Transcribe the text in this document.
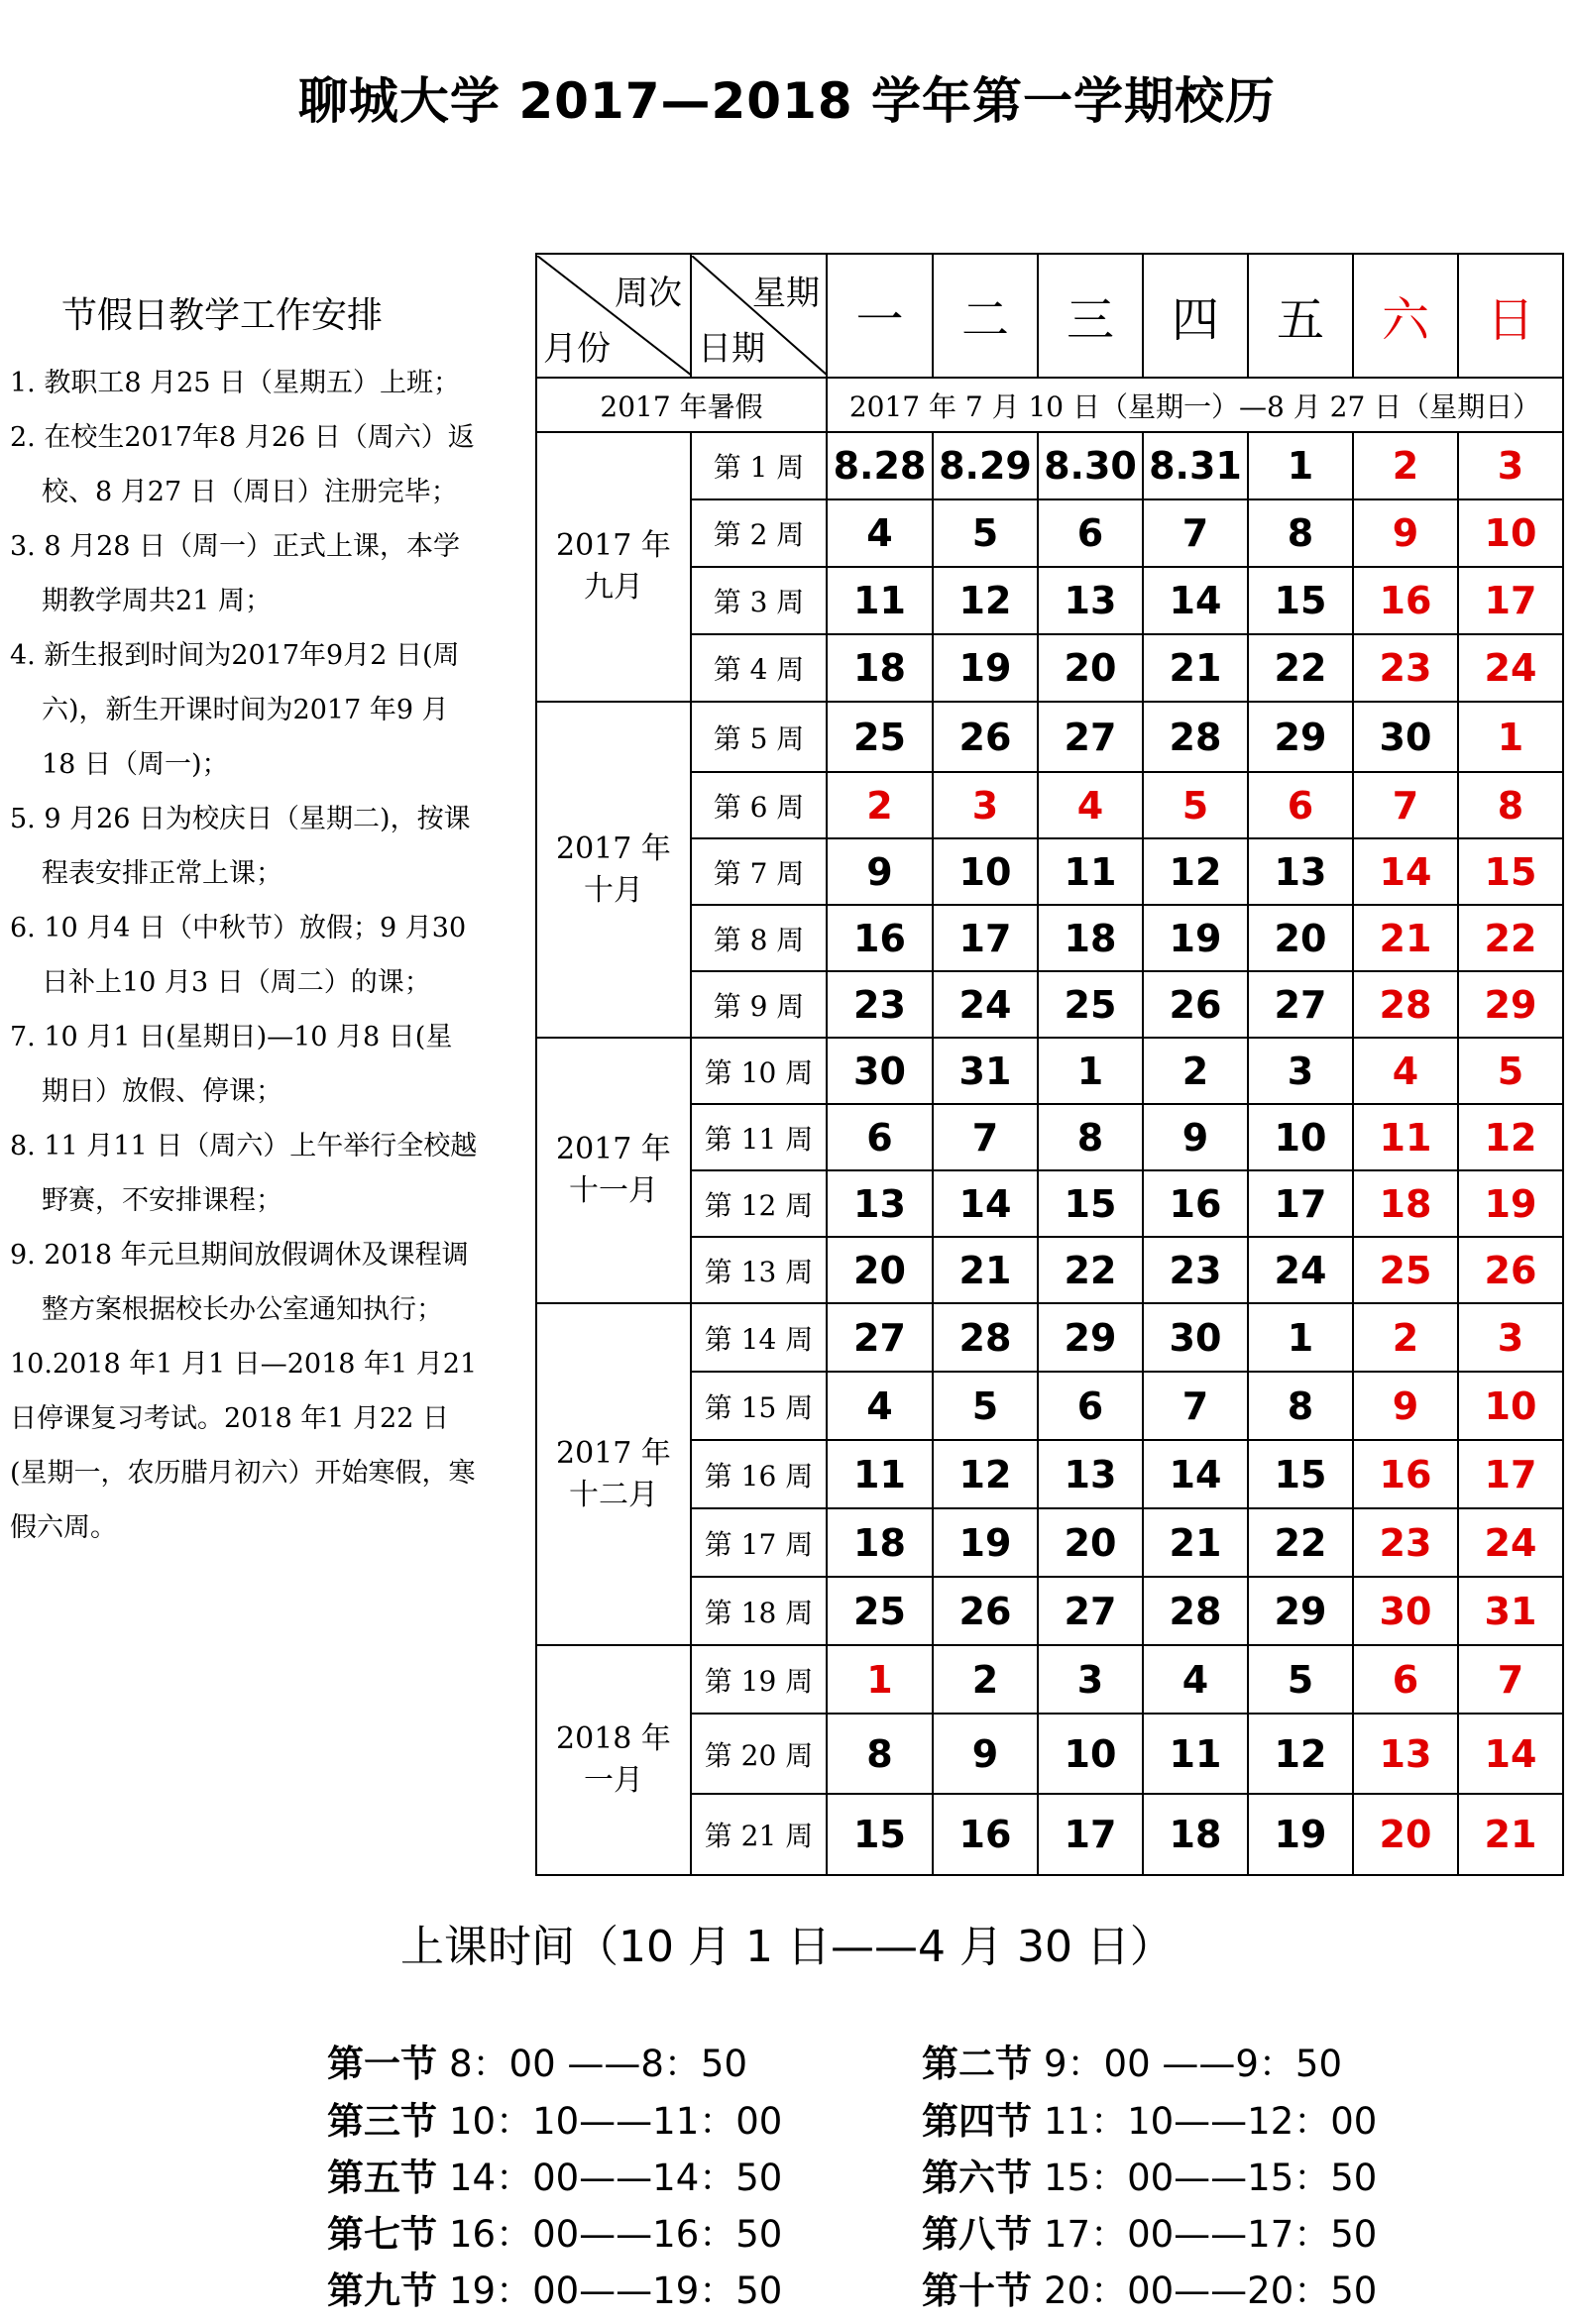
聊城大学 2017—2018 学年第一学期校历
节假日教学工作安排
1. 教职工8 月25 日（星期五）上班；
2. 在校生2017年8 月26 日（周六）返校、8 月27 日（周日）注册完毕；
3. 8 月28 日（周一）正式上课，本学期教学周共21 周；
4. 新生报到时间为2017年9月2 日(周六)，新生开课时间为2017 年9 月18 日（周一)；
5. 9 月26 日为校庆日（星期二)，按课程表安排正常上课；
6. 10 月4 日（中秋节）放假；9 月30 日补上10 月3 日（周二）的课；
7. 10 月1 日(星期日)—10 月8 日(星期日）放假、停课；
8. 11 月11 日（周六）上午举行全校越野赛，不安排课程；
9. 2018 年元旦期间放假调休及课程调整方案根据校长办公室通知执行；
10.2018 年1 月1 日—2018 年1 月21 日停课复习考试。2018 年1 月22 日(星期一，农历腊月初六）开始寒假，寒假六周。
周次
月份	星期
日期	一	二	三	四	五	六	日
2017 年暑假		2017 年 7 月 10 日（星期一）—8 月 27 日（星期日）						

2017 年
九月	第 1 周	8.28	8.29	8.30	8.31	1	2	3
	第 2 周	4	5	6	7	8	9	10
	第 3 周	11	12	13	14	15	16	17
	第 4 周	18	19	20	21	22	23	24

2017 年
十月	第 5 周	25	26	27	28	29	30	1
	第 6 周	2	3	4	5	6	7	8
	第 7 周	9	10	11	12	13	14	15
	第 8 周	16	17	18	19	20	21	22
	第 9 周	23	24	25	26	27	28	29

2017 年
十一月	第 10 周	30	31	1	2	3	4	5
	第 11 周	6	7	8	9	10	11	12
	第 12 周	13	14	15	16	17	18	19
	第 13 周	20	21	22	23	24	25	26

2017 年
十二月	第 14 周	27	28	29	30	1	2	3
	第 15 周	4	5	6	7	8	9	10
	第 16 周	11	12	13	14	15	16	17
	第 17 周	18	19	20	21	22	23	24
	第 18 周	25	26	27	28	29	30	31

2018 年
一月	第 19 周	1	2	3	4	5	6	7
	第 20 周	8	9	10	11	12	13	14
	第 21 周	15	16	17	18	19	20	21
上课时间（10 月 1 日——4 月 30 日）
第一节 8：00 ——8：50	第二节 9：00 ——9：50
第三节 10：10——11：00	第四节 11：10——12：00
第五节 14：00——14：50	第六节 15：00——15：50
第七节 16：00——16：50	第八节 17：00——17：50
第九节 19：00——19：50	第十节 20：00——20：50
